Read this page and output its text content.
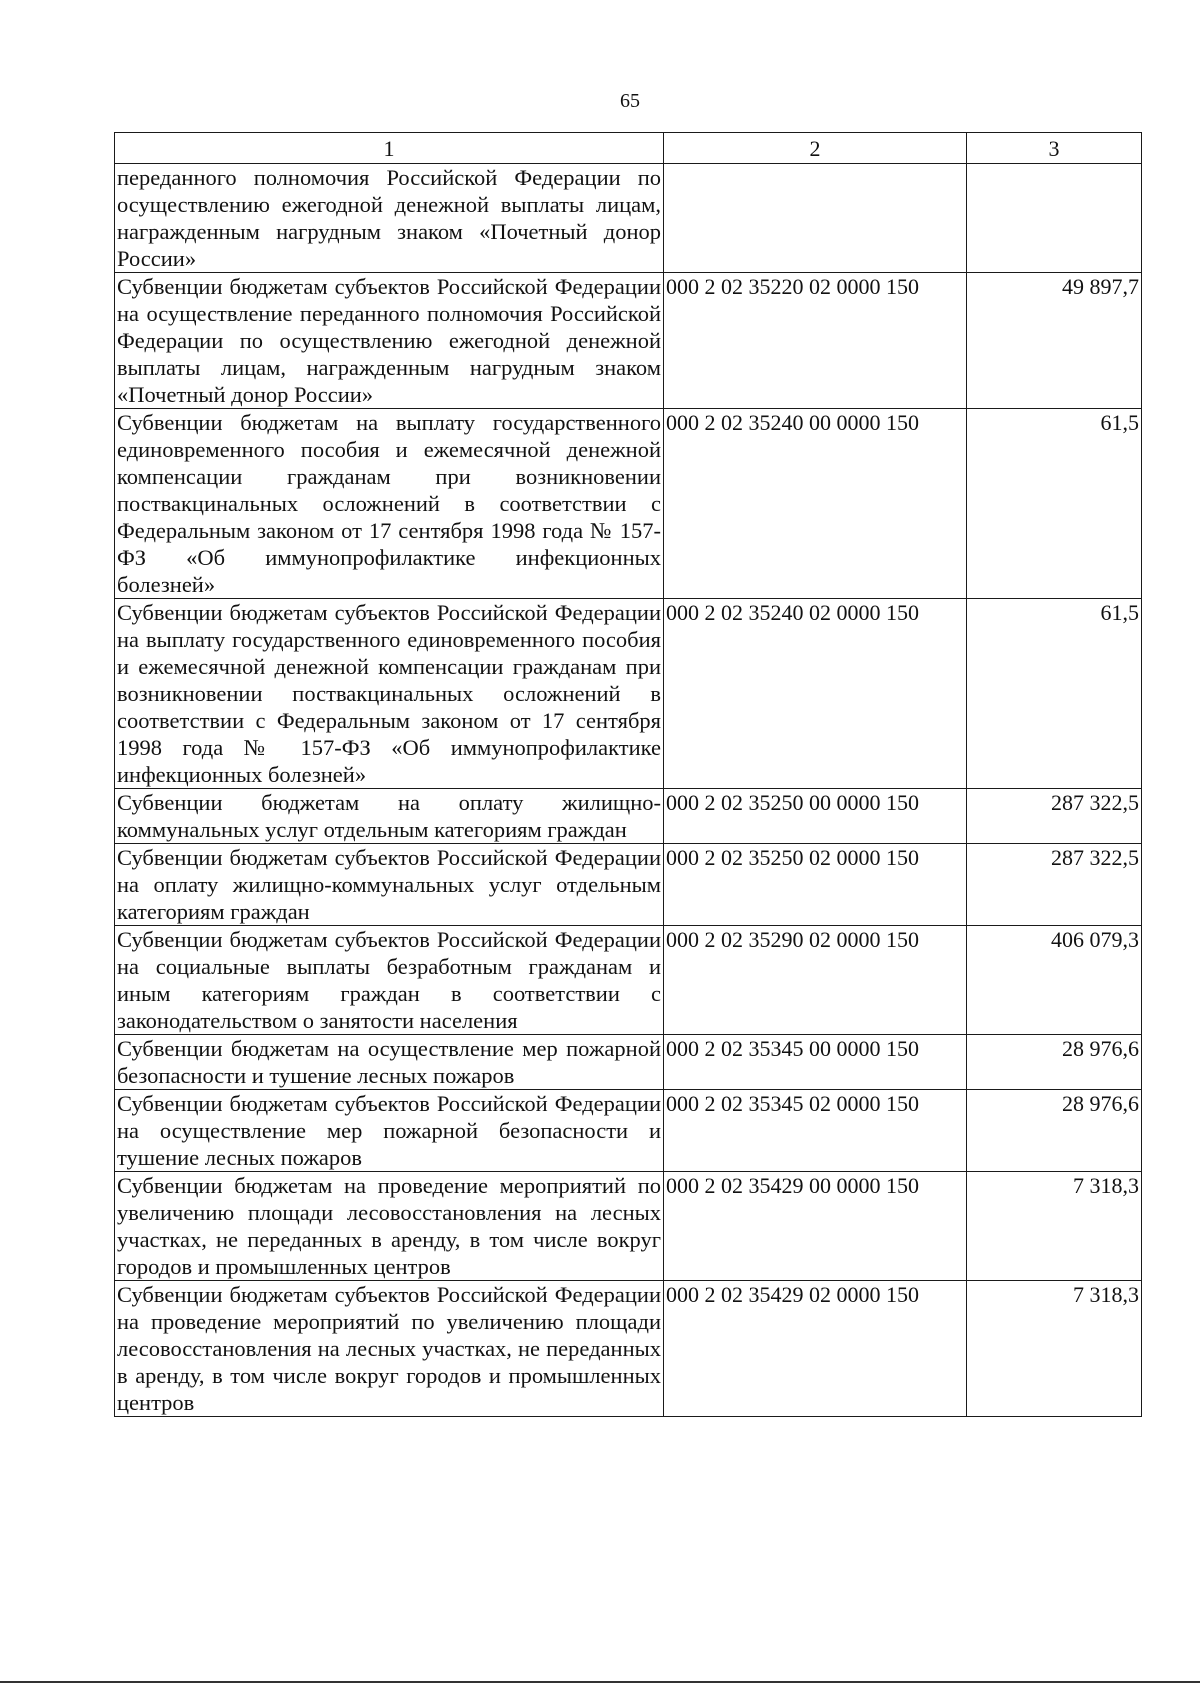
65
1	2	3
переданного полномочия Российской Федерации по осуществлению ежегодной денежной выплаты лицам, награжденным нагрудным знаком «Почетный донор России»		
Субвенции бюджетам субъектов Российской Федерации на осуществление переданного полномочия Российской Федерации по осуществлению ежегодной денежной выплаты лицам, награжденным нагрудным знаком «Почетный донор России»	000 2 02 35220 02 0000 150	49 897,7
Субвенции бюджетам на выплату государственного единовременного пособия и ежемесячной денежной компенсации гражданам при возникновении поствакцинальных осложнений в соответствии с Федеральным законом от 17 сентября 1998 года № 157-ФЗ «Об иммунопрофилактике инфекционных болезней»	000 2 02 35240 00 0000 150	61,5
Субвенции бюджетам субъектов Российской Федерации на выплату государственного единовременного пособия и ежемесячной денежной компенсации гражданам при возникновении поствакцинальных осложнений в соответствии с Федеральным законом от 17 сентября 1998 года № 157-ФЗ «Об иммунопрофилактике инфекционных болезней»	000 2 02 35240 02 0000 150	61,5
Субвенции бюджетам на оплату жилищно-коммунальных услуг отдельным категориям граждан	000 2 02 35250 00 0000 150	287 322,5
Субвенции бюджетам субъектов Российской Федерации на оплату жилищно-коммунальных услуг отдельным категориям граждан	000 2 02 35250 02 0000 150	287 322,5
Субвенции бюджетам субъектов Российской Федерации на социальные выплаты безработным гражданам и иным категориям граждан в соответствии с законодательством о занятости населения	000 2 02 35290 02 0000 150	406 079,3
Субвенции бюджетам на осуществление мер пожарной безопасности и тушение лесных пожаров	000 2 02 35345 00 0000 150	28 976,6
Субвенции бюджетам субъектов Российской Федерации на осуществление мер пожарной безопасности и тушение лесных пожаров	000 2 02 35345 02 0000 150	28 976,6
Субвенции бюджетам на проведение мероприятий по увеличению площади лесовосстановления на лесных участках, не переданных в аренду, в том числе вокруг городов и промышленных центров	000 2 02 35429 00 0000 150	7 318,3
Субвенции бюджетам субъектов Российской Федерации на проведение мероприятий по увеличению площади лесовосстановления на лесных участках, не переданных в аренду, в том числе вокруг городов и промышленных центров	000 2 02 35429 02 0000 150	7 318,3
